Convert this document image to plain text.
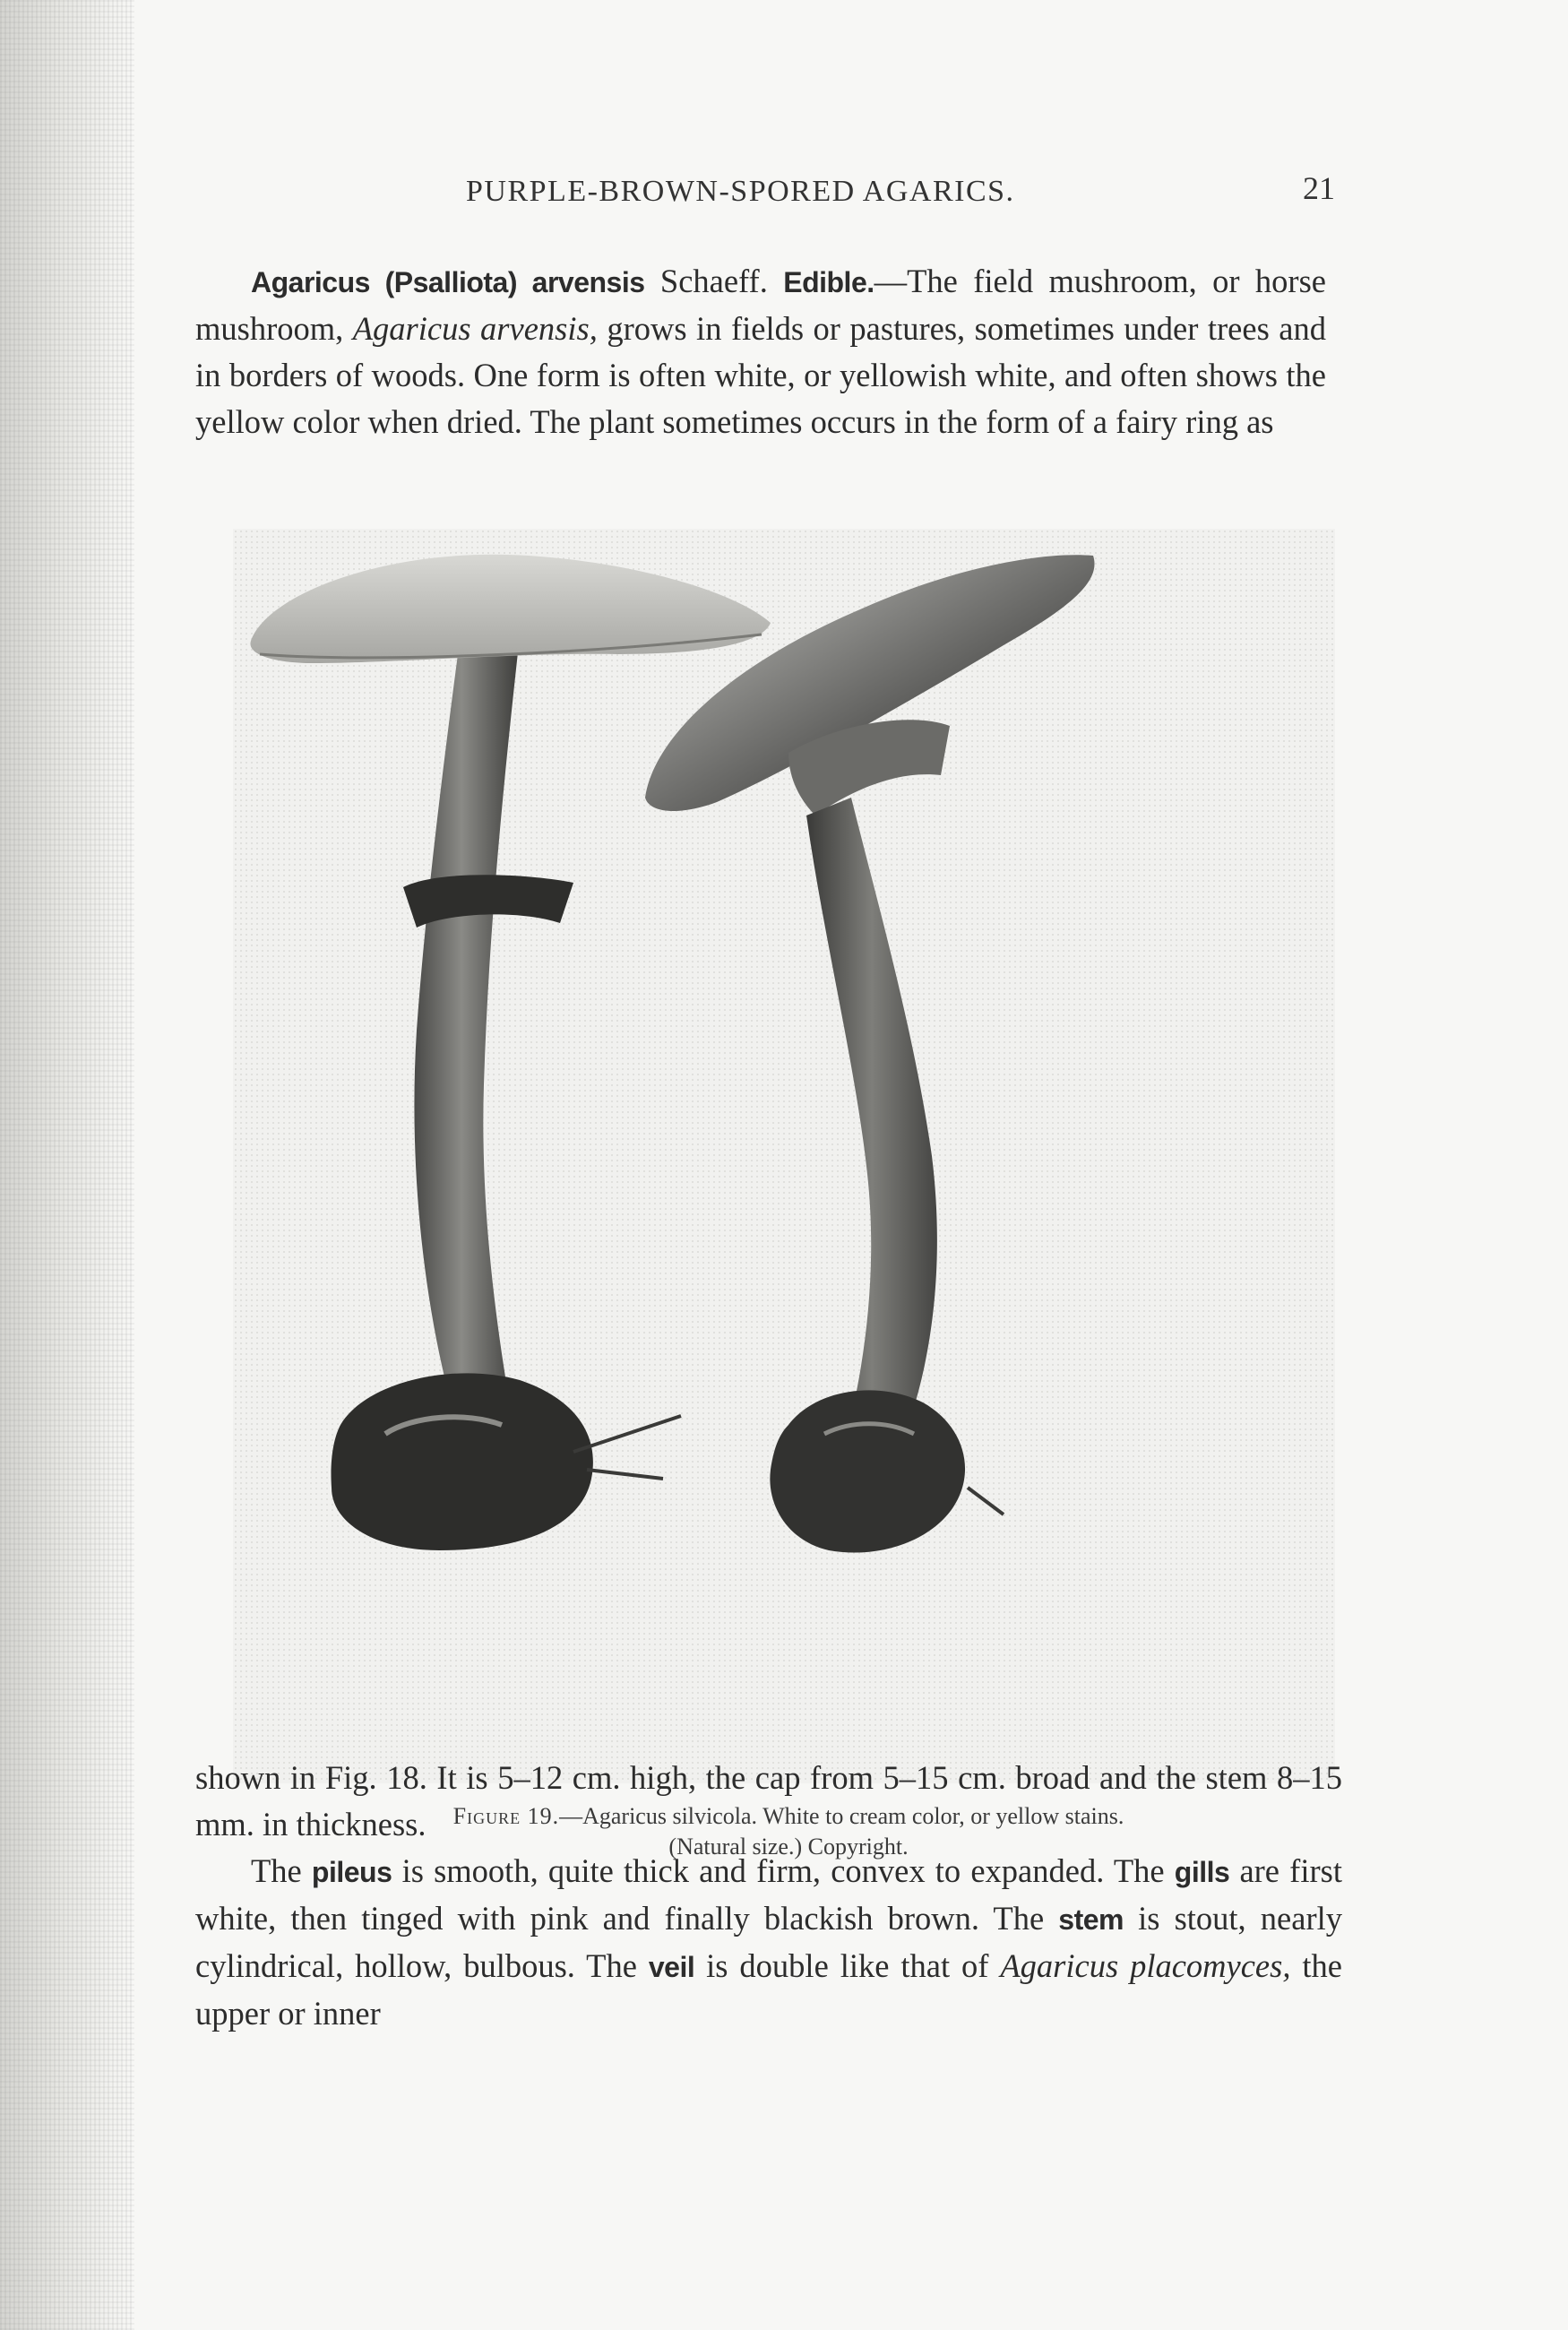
PURPLE-BROWN-SPORED AGARICS.	21

Agaricus (Psalliota) arvensis Schaeff. Edible.—The field mushroom, or horse mushroom, Agaricus arvensis, grows in fields or pastures, sometimes under trees and in borders of woods. One form is often white, or yellowish white, and often shows the yellow color when dried. The plant sometimes occurs in the form of a fairy ring as

Figure 19.—Agaricus silvicola. White to cream color, or yellow stains.
(Natural size.) Copyright.

shown in Fig. 18. It is 5–12 cm. high, the cap from 5–15 cm. broad and the stem 8–15 mm. in thickness.

The pileus is smooth, quite thick and firm, convex to expanded. The gills are first white, then tinged with pink and finally blackish brown. The stem is stout, nearly cylindrical, hollow, bulbous. The veil is double like that of Agaricus placomyces, the upper or inner
